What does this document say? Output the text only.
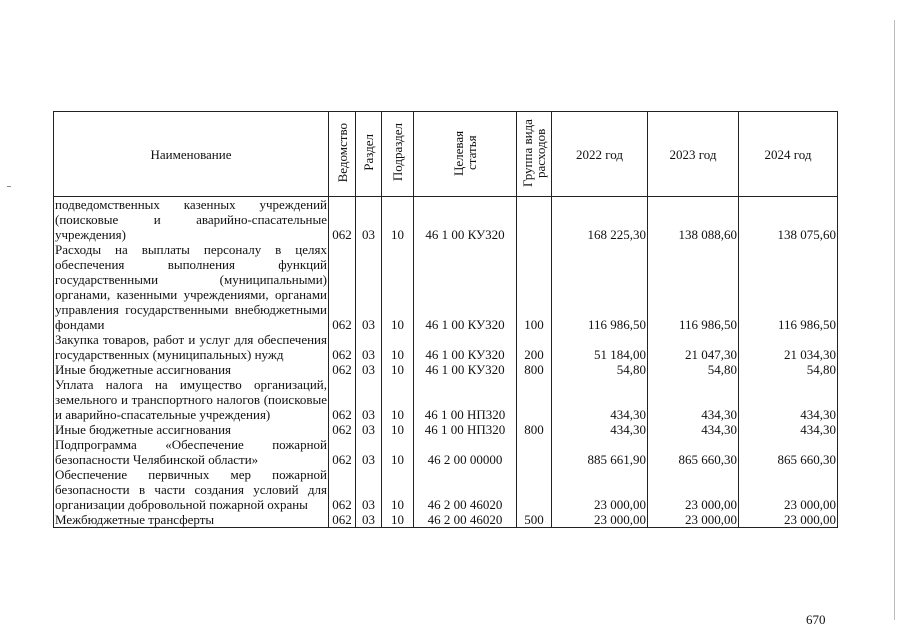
Наименование	Ведомство	Раздел	Подраздел	Целевая статья	Группа вида расходов	2022 год	2023 год	2024 год
подведомственных казенных учреждений (поисковые и аварийно-спасательные учреждения)	062	03	10	46 1 00 КУ320		168 225,30	138 088,60	138 075,60
Расходы на выплаты персоналу в целях обеспечения выполнения функций государственными (муниципальными) органами, казенными учреждениями, органами управления государственными внебюджетными фондами	062	03	10	46 1 00 КУ320	100	116 986,50	116 986,50	116 986,50
Закупка товаров, работ и услуг для обеспечения государственных (муниципальных) нужд	062	03	10	46 1 00 КУ320	200	51 184,00	21 047,30	21 034,30
Иные бюджетные ассигнования	062	03	10	46 1 00 КУ320	800	54,80	54,80	54,80
Уплата налога на имущество организаций, земельного и транспортного налогов (поисковые и аварийно-спасательные учреждения)	062	03	10	46 1 00 НП320		434,30	434,30	434,30
Иные бюджетные ассигнования	062	03	10	46 1 00 НП320	800	434,30	434,30	434,30
Подпрограмма «Обеспечение пожарной безопасности Челябинской области»	062	03	10	46 2 00 00000		885 661,90	865 660,30	865 660,30
Обеспечение первичных мер пожарной безопасности в части создания условий для организации добровольной пожарной охраны	062	03	10	46 2 00 46020		23 000,00	23 000,00	23 000,00
Межбюджетные трансферты	062	03	10	46 2 00 46020	500	23 000,00	23 000,00	23 000,00
670
